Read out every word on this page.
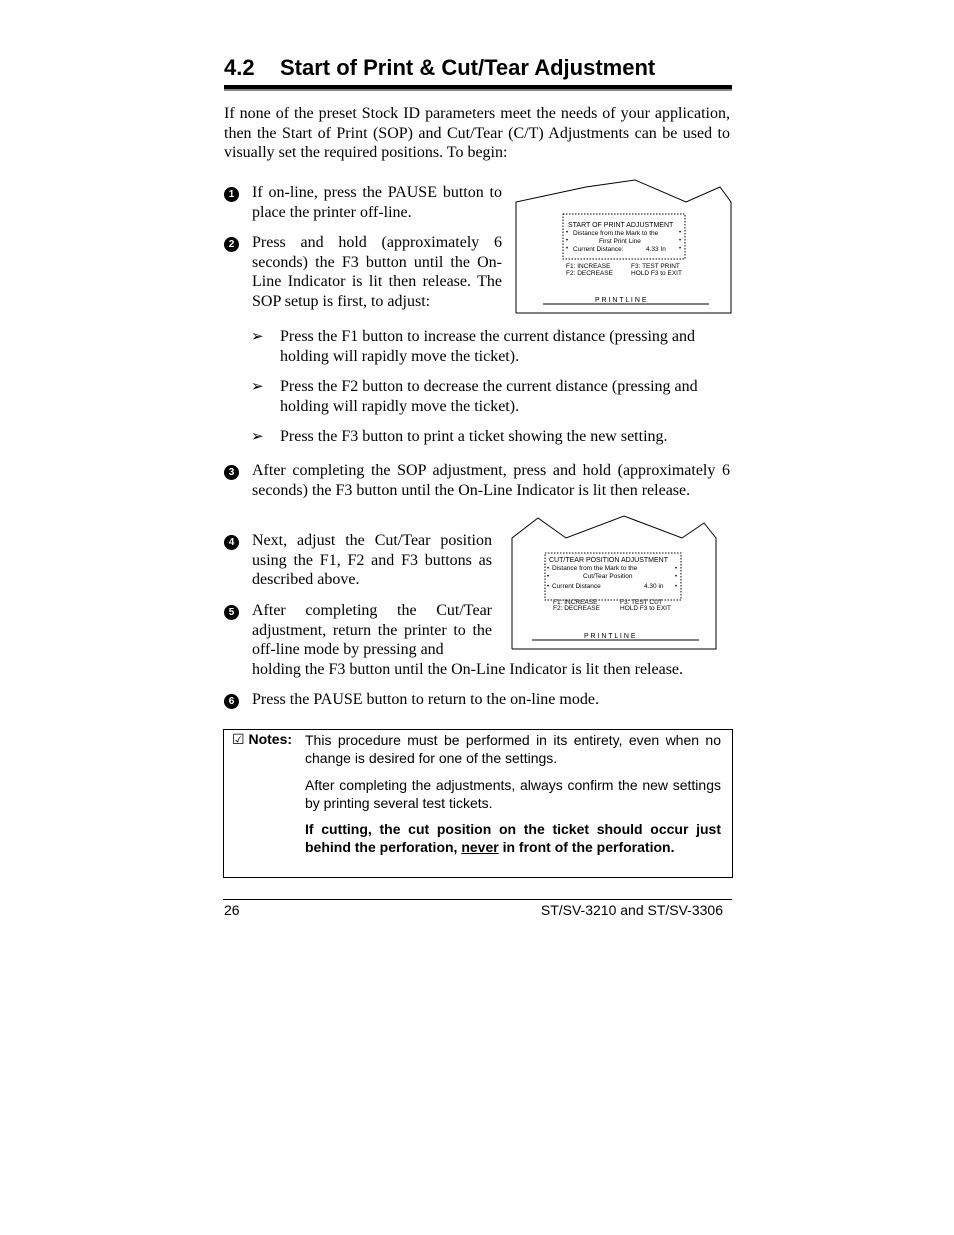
4.2 Start of Print & Cut/Tear Adjustment
If none of the preset Stock ID parameters meet the needs of your application, then the Start of Print (SOP) and Cut/Tear (C/T) Adjustments can be used to visually set the required positions. To begin:
1 If on-line, press the PAUSE button to place the printer off-line.
2 Press and hold (approximately 6 seconds) the F3 button until the On-Line Indicator is lit then release. The SOP setup is first, to adjust:
START OF PRINT ADJUSTMENT
Distance from the Mark to the
First Print Line
Current Distance:	4.33 In
•	•
•	•
•	•
F1: INCREASE
F2: DECREASE
F3: TEST PRINT
HOLD F3 to EXIT
P R I N T L I N E
➢ Press the F1 button to increase the current distance (pressing and holding will rapidly move the ticket).
➢ Press the F2 button to decrease the current distance (pressing and holding will rapidly move the ticket).
➢ Press the F3 button to print a ticket showing the new setting.
3 After completing the SOP adjustment, press and hold (approximately 6 seconds) the F3 button until the On-Line Indicator is lit then release.
4 Next, adjust the Cut/Tear position using the F1, F2 and F3 buttons as described above.
5 After completing the Cut/Tear adjustment, return the printer to the off-line mode by pressing and
holding the F3 button until the On-Line Indicator is lit then release.
CUT/TEAR POSITION ADJUSTMENT
Distance from the Mark to the
Cut/Tear Position
Current Distance	4.30 in
•	•
•	•
•	•
F1: INCREASE
F2: DECREASE
F3: TEST CUT
HOLD F3 to EXIT
P R I N T L I N E
6 Press the PAUSE button to return to the on-line mode.
☑ Notes: This procedure must be performed in its entirety, even when no change is desired for one of the settings.
After completing the adjustments, always confirm the new settings by printing several test tickets.
If cutting, the cut position on the ticket should occur just behind the perforation, never in front of the perforation.
26	ST/SV-3210 and ST/SV-3306
